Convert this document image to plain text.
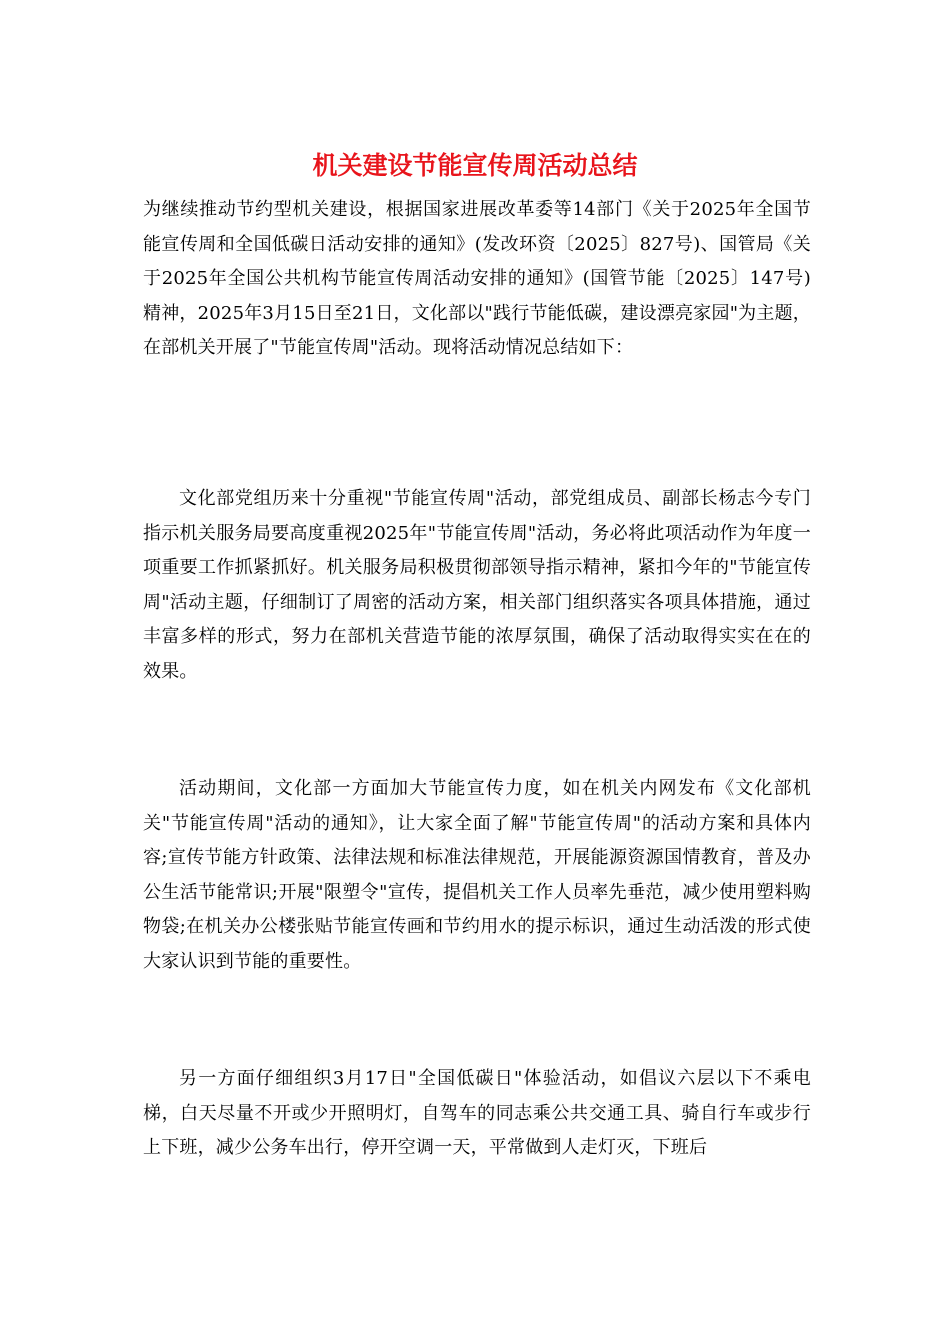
机关建设节能宣传周活动总结

为继续推动节约型机关建设，根据国家进展改革委等14部门《关于2025年全国节能宣传周和全国低碳日活动安排的通知》(发改环资〔2025〕827号)、国管局《关于2025年全国公共机构节能宣传周活动安排的通知》(国管节能〔2025〕147号)精神，2025年3月15日至21日，文化部以"践行节能低碳，建设漂亮家园"为主题，在部机关开展了"节能宣传周"活动。现将活动情况总结如下：

文化部党组历来十分重视"节能宣传周"活动，部党组成员、副部长杨志今专门指示机关服务局要高度重视2025年"节能宣传周"活动，务必将此项活动作为年度一项重要工作抓紧抓好。机关服务局积极贯彻部领导指示精神，紧扣今年的"节能宣传周"活动主题，仔细制订了周密的活动方案，相关部门组织落实各项具体措施，通过丰富多样的形式，努力在部机关营造节能的浓厚氛围，确保了活动取得实实在在的效果。

活动期间，文化部一方面加大节能宣传力度，如在机关内网发布《文化部机关"节能宣传周"活动的通知》，让大家全面了解"节能宣传周"的活动方案和具体内容;宣传节能方针政策、法律法规和标准法律规范，开展能源资源国情教育，普及办公生活节能常识;开展"限塑令"宣传，提倡机关工作人员率先垂范，减少使用塑料购物袋;在机关办公楼张贴节能宣传画和节约用水的提示标识，通过生动活泼的形式使大家认识到节能的重要性。

另一方面仔细组织3月17日"全国低碳日"体验活动，如倡议六层以下不乘电梯，白天尽量不开或少开照明灯，自驾车的同志乘公共交通工具、骑自行车或步行上下班，减少公务车出行，停开空调一天，平常做到人走灯灭，下班后
